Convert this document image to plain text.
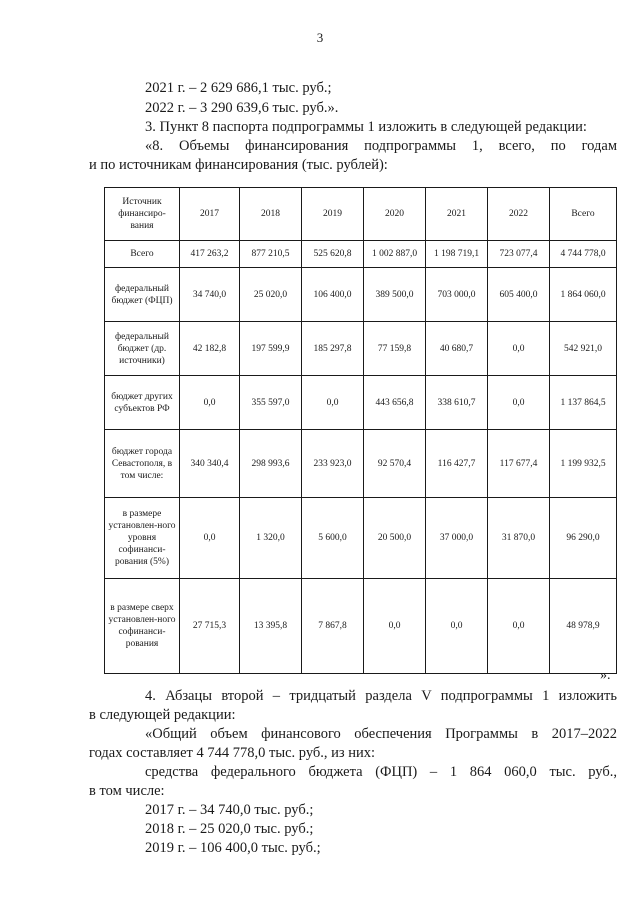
3
2021 г. – 2 629 686,1 тыс. руб.;
2022 г. – 3 290 639,6 тыс. руб.».
3. Пункт 8 паспорта подпрограммы 1 изложить в следующей редакции:
«8. Объемы финансирования подпрограммы 1, всего, по годам
и по источникам финансирования (тыс. рублей):
Источник финансиро-вания	2017	2018	2019	2020	2021	2022	Всего
Всего	417 263,2	877 210,5	525 620,8	1 002 887,0	1 198 719,1	723 077,4	4 744 778,0
федеральный бюджет (ФЦП)	34 740,0	25 020,0	106 400,0	389 500,0	703 000,0	605 400,0	1 864 060,0
федеральный бюджет (др. источники)	42 182,8	197 599,9	185 297,8	77 159,8	40 680,7	0,0	542 921,0
бюджет других субъектов РФ	0,0	355 597,0	0,0	443 656,8	338 610,7	0,0	1 137 864,5
бюджет города Севастополя, в том числе:	340 340,4	298 993,6	233 923,0	92 570,4	116 427,7	117 677,4	1 199 932,5
в размере установлен-ного уровня софинанси-рования (5%)	0,0	1 320,0	5 600,0	20 500,0	37 000,0	31 870,0	96 290,0
в размере сверх установлен-ного софинанси-рования	27 715,3	13 395,8	7 867,8	0,0	0,0	0,0	48 978,9
».
4. Абзацы второй – тридцатый раздела V подпрограммы 1 изложить
в следующей редакции:
«Общий объем финансового обеспечения Программы в 2017–2022
годах составляет 4 744 778,0 тыс. руб., из них:
средства федерального бюджета (ФЦП) – 1 864 060,0 тыс. руб.,
в том числе:
2017 г. – 34 740,0 тыс. руб.;
2018 г. – 25 020,0 тыс. руб.;
2019 г. – 106 400,0 тыс. руб.;
